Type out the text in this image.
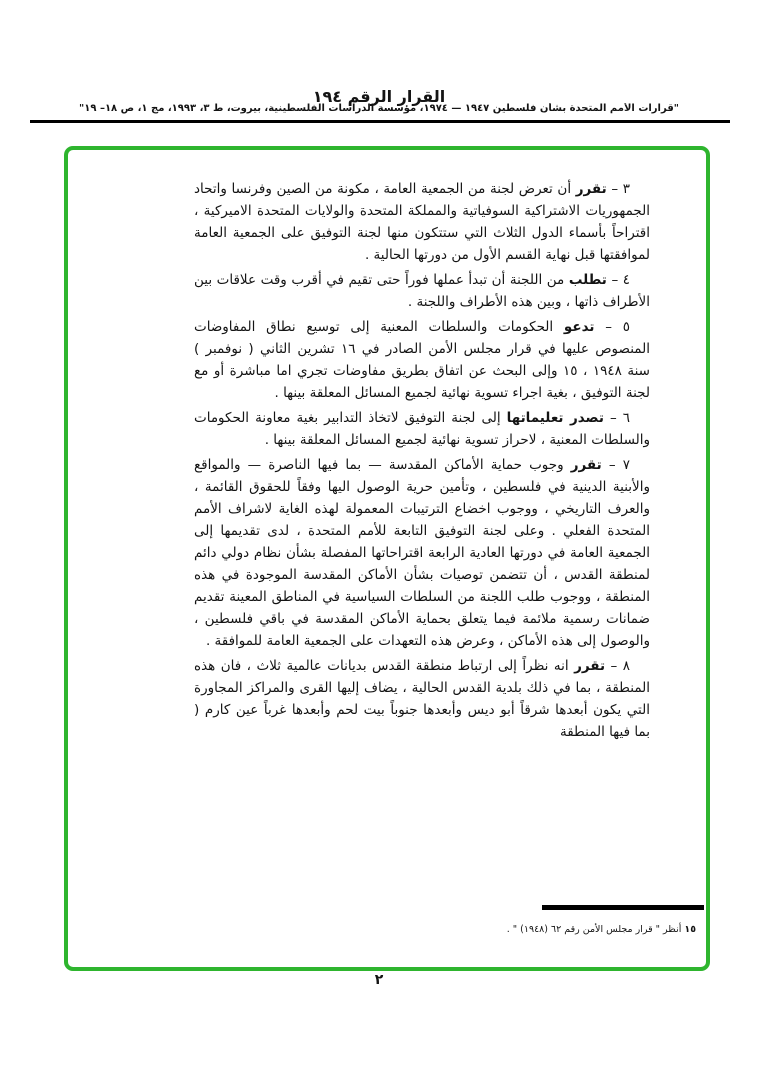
القرار الرقم ١٩٤
"قرارات الأمم المتحدة بشأن فلسطين ١٩٤٧ — ١٩٧٤، مؤسسة الدراسات الفلسطينية، بيروت، ط ٣، ١٩٩٣، مج ١، ص ١٨– ١٩"

٣ – تقرر أن تعرض لجنة من الجمعية العامة ، مكونة من الصين وفرنسا واتحاد الجمهوريات الاشتراكية السوفياتية والمملكة المتحدة والولايات المتحدة الاميركية ، اقتراحاً بأسماء الدول الثلاث التي ستتكون منها لجنة التوفيق على الجمعية العامة لموافقتها قبل نهاية القسم الأول من دورتها الحالية .

٤ – تطلب من اللجنة أن تبدأ عملها فوراً حتى تقيم في أقرب وقت علاقات بين الأطراف ذاتها ، وبين هذه الأطراف واللجنة .

٥ – تدعو الحكومات والسلطات المعنية إلى توسيع نطاق المفاوضات المنصوص عليها في قرار مجلس الأمن الصادر في ١٦ تشرين الثاني ( نوفمبر ) سنة ١٩٤٨ ، ١٥ وإلى البحث عن اتفاق بطريق مفاوضات تجري اما مباشرة أو مع لجنة التوفيق ، بغية اجراء تسوية نهائية لجميع المسائل المعلقة بينها .

٦ – تصدر تعليماتها إلى لجنة التوفيق لاتخاذ التدابير بغية معاونة الحكومات والسلطات المعنية ، لاحراز تسوية نهائية لجميع المسائل المعلقة بينها .

٧ – تقرر وجوب حماية الأماكن المقدسة — بما فيها الناصرة — والمواقع والأبنية الدينية في فلسطين ، وتأمين حرية الوصول اليها وفقاً للحقوق القائمة ، والعرف التاريخي ، ووجوب اخضاع الترتيبات المعمولة لهذه الغاية لاشراف الأمم المتحدة الفعلي . وعلى لجنة التوفيق التابعة للأمم المتحدة ، لدى تقديمها إلى الجمعية العامة في دورتها العادية الرابعة اقتراحاتها المفصلة بشأن نظام دولي دائم لمنطقة القدس ، أن تتضمن توصيات بشأن الأماكن المقدسة الموجودة في هذه المنطقة ، ووجوب طلب اللجنة من السلطات السياسية في المناطق المعينة تقديم ضمانات رسمية ملائمة فيما يتعلق بحماية الأماكن المقدسة في باقي فلسطين ، والوصول إلى هذه الأماكن ، وعرض هذه التعهدات على الجمعية العامة للموافقة .

٨ – تقرر انه نظراً إلى ارتباط منطقة القدس بديانات عالمية ثلاث ، فان هذه المنطقة ، بما في ذلك بلدية القدس الحالية ، يضاف إليها القرى والمراكز المجاورة التي يكون أبعدها شرقاً أبو ديس وأبعدها جنوباً بيت لحم وأبعدها غرباً عين كارم ( بما فيها المنطقة

١٥ أنظر " قرار مجلس الأمن رقم ٦٢ (١٩٤٨) " .
٢
